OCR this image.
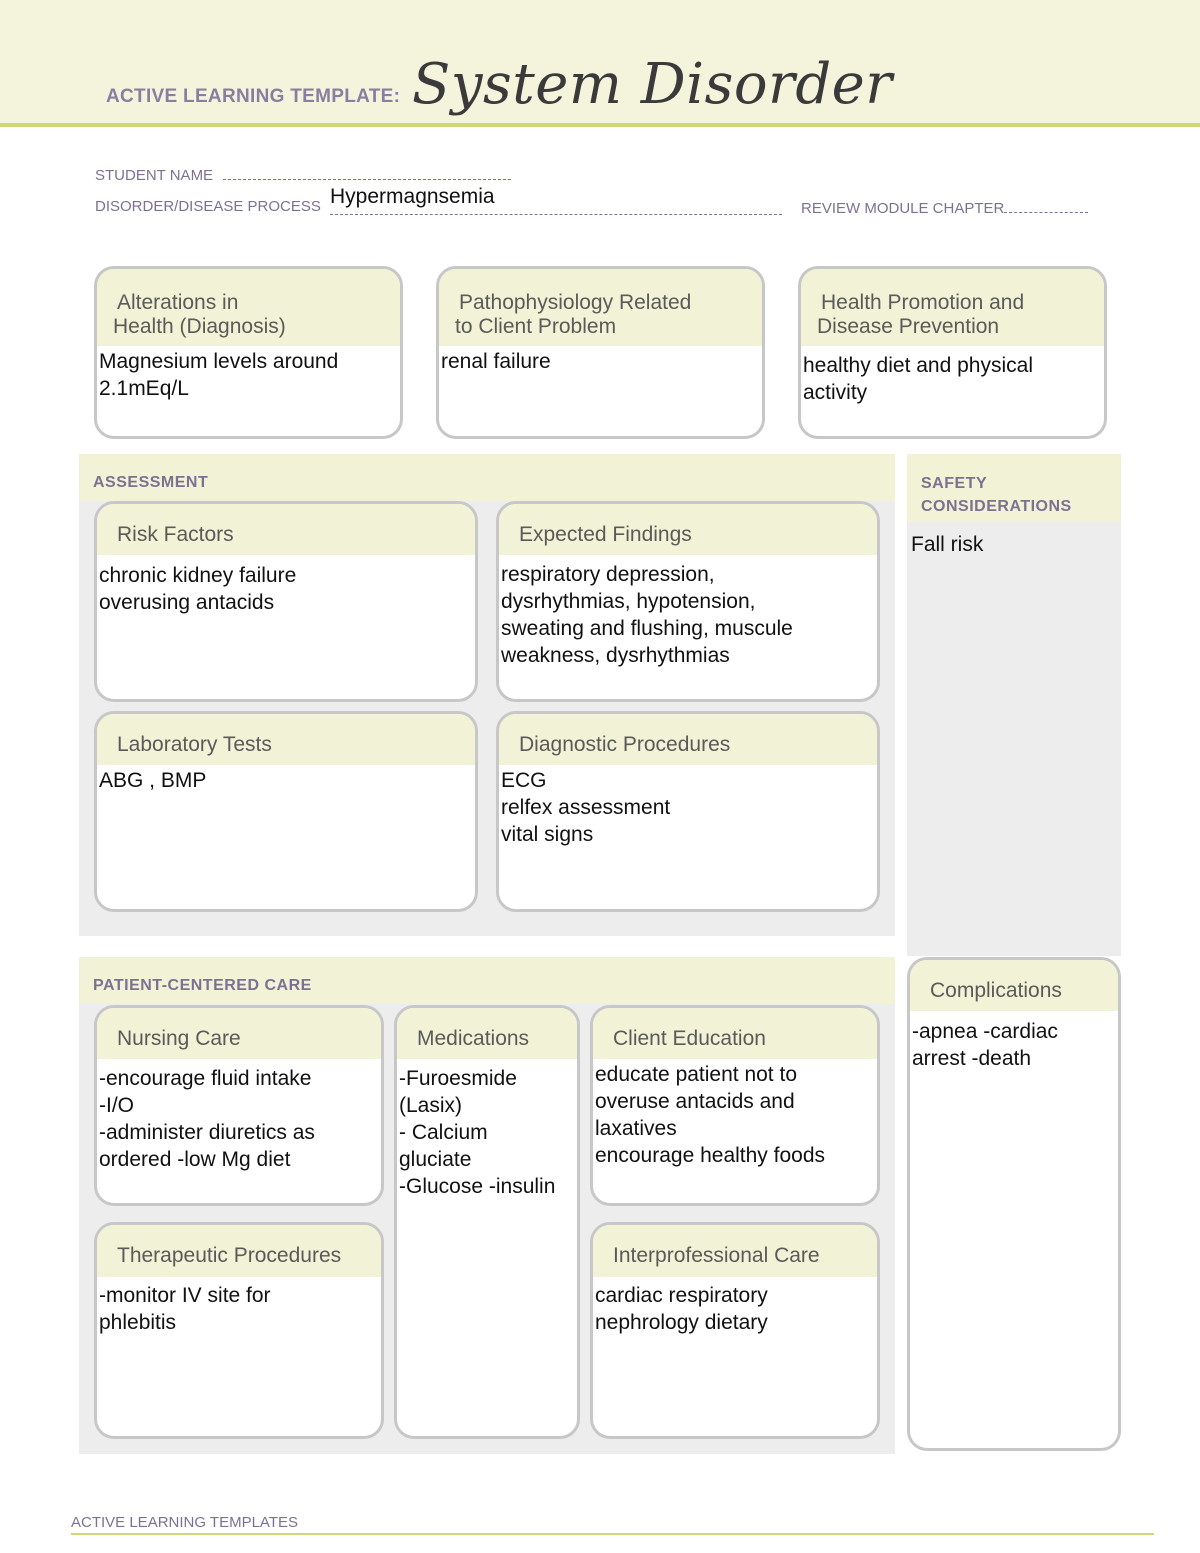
ACTIVE LEARNING TEMPLATE: System Disorder
STUDENT NAME
DISORDER/DISEASE PROCESS Hypermagnsemia
REVIEW MODULE CHAPTER
Alterations in
Health (Diagnosis)
Magnesium levels around
2.1mEq/L
Pathophysiology Related
to Client Problem
renal failure
Health Promotion and
Disease Prevention
healthy diet and physical
activity
ASSESSMENT
Risk Factors
chronic kidney failure
overusing antacids
Expected Findings
respiratory depression,
dysrhythmias, hypotension,
sweating and flushing, muscule
weakness, dysrhythmias
Laboratory Tests
ABG , BMP
Diagnostic Procedures
ECG
relfex assessment
vital signs
SAFETY
CONSIDERATIONS
Fall risk
Complications
-apnea -cardiac
arrest -death
PATIENT-CENTERED CARE
Nursing Care
-encourage fluid intake
-I/O
-administer diuretics as
ordered -low Mg diet
Medications
-Furoesmide
(Lasix)
- Calcium
gluciate
-Glucose -insulin
Client Education
educate patient not to
overuse antacids and
laxatives
encourage healthy foods
Therapeutic Procedures
-monitor IV site for
phlebitis
Interprofessional Care
cardiac respiratory
nephrology dietary
ACTIVE LEARNING TEMPLATES
